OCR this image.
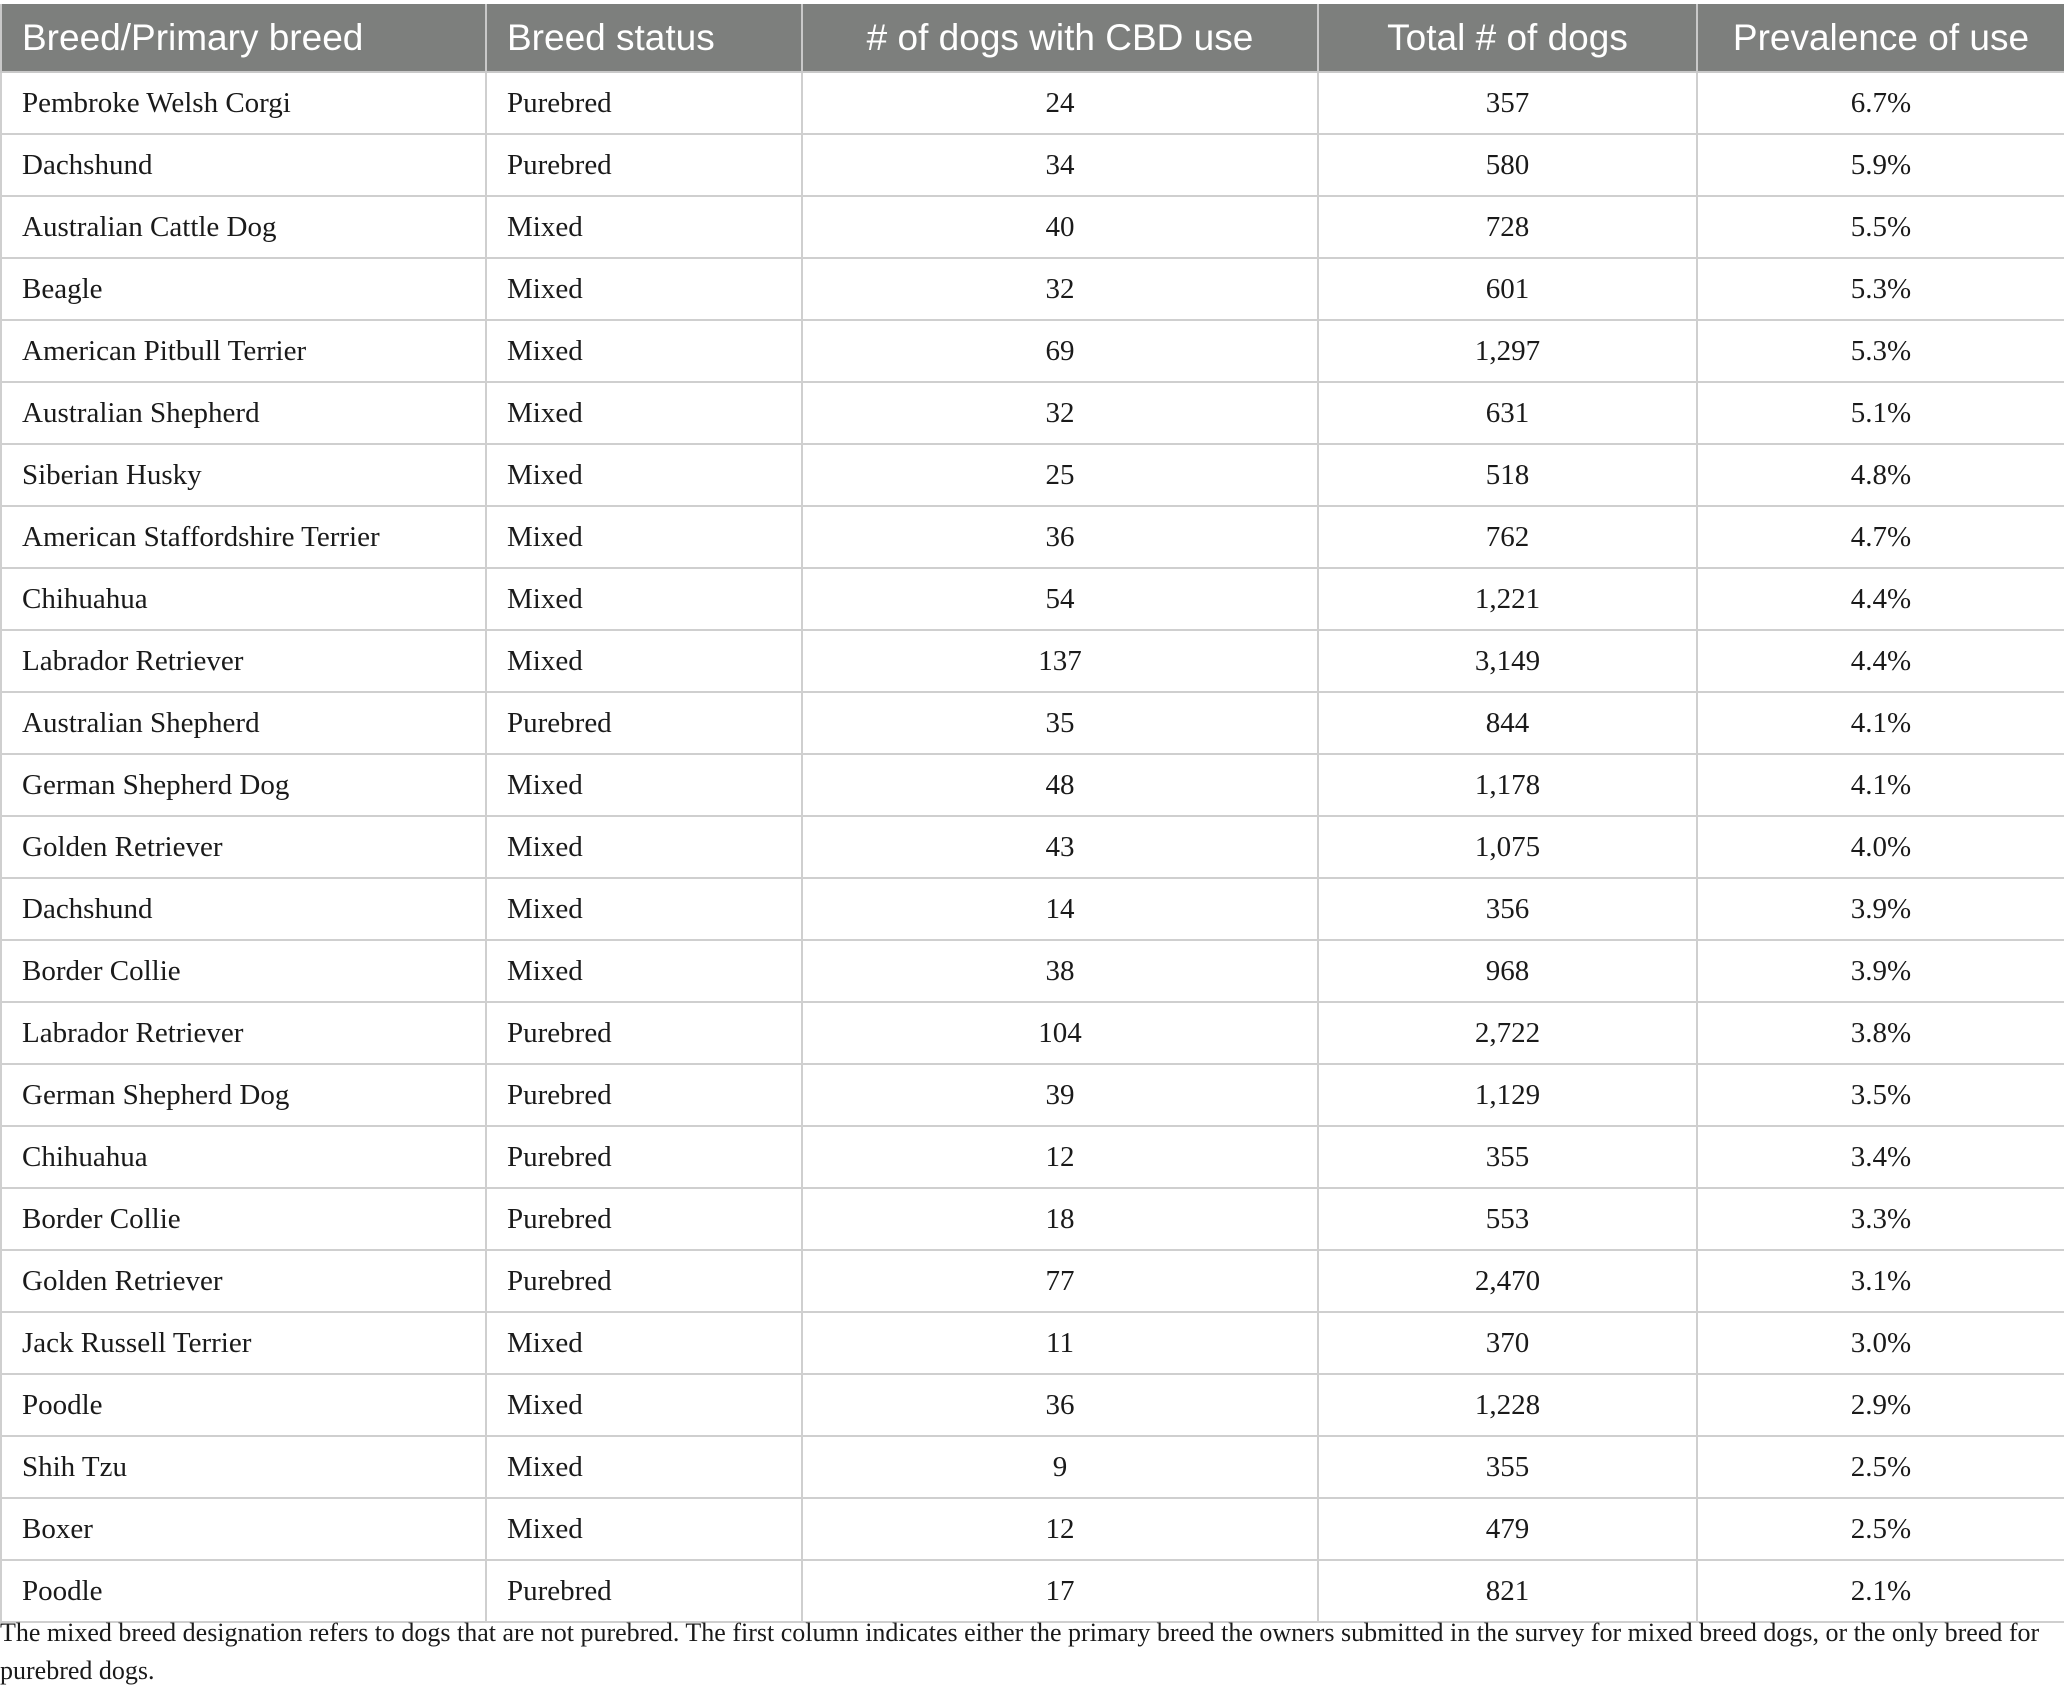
Breed/Primary breed	Breed status	# of dogs with CBD use	Total # of dogs	Prevalence of use
Pembroke Welsh Corgi	Purebred	24	357	6.7%
Dachshund	Purebred	34	580	5.9%
Australian Cattle Dog	Mixed	40	728	5.5%
Beagle	Mixed	32	601	5.3%
American Pitbull Terrier	Mixed	69	1,297	5.3%
Australian Shepherd	Mixed	32	631	5.1%
Siberian Husky	Mixed	25	518	4.8%
American Staffordshire Terrier	Mixed	36	762	4.7%
Chihuahua	Mixed	54	1,221	4.4%
Labrador Retriever	Mixed	137	3,149	4.4%
Australian Shepherd	Purebred	35	844	4.1%
German Shepherd Dog	Mixed	48	1,178	4.1%
Golden Retriever	Mixed	43	1,075	4.0%
Dachshund	Mixed	14	356	3.9%
Border Collie	Mixed	38	968	3.9%
Labrador Retriever	Purebred	104	2,722	3.8%
German Shepherd Dog	Purebred	39	1,129	3.5%
Chihuahua	Purebred	12	355	3.4%
Border Collie	Purebred	18	553	3.3%
Golden Retriever	Purebred	77	2,470	3.1%
Jack Russell Terrier	Mixed	11	370	3.0%
Poodle	Mixed	36	1,228	2.9%
Shih Tzu	Mixed	9	355	2.5%
Boxer	Mixed	12	479	2.5%
Poodle	Purebred	17	821	2.1%
The mixed breed designation refers to dogs that are not purebred. The first column indicates either the primary breed the owners submitted in the survey for mixed breed dogs, or the only breed for purebred dogs.
